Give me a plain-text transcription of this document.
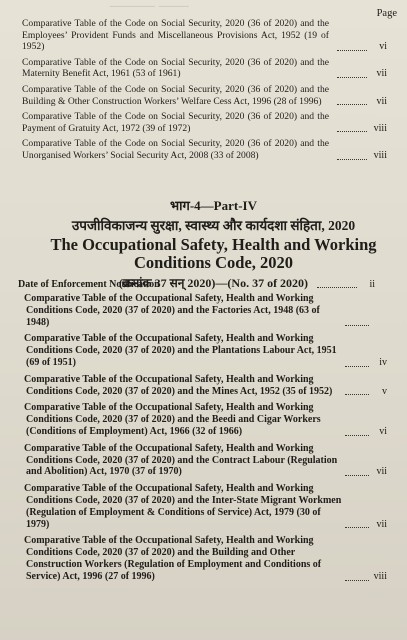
――― ――	Page
Comparative Table of the Code on Social Security, 2020 (36 of 2020) and the Employees’ Provident Funds and Miscellaneous Provisions Act, 1952 (19 of 1952)	vi
Comparative Table of the Code on Social Security, 2020 (36 of 2020) and the Maternity Benefit Act, 1961 (53 of 1961)	vii
Comparative Table of the Code on Social Security, 2020 (36 of 2020) and the Building & Other Construction Workers’ Welfare Cess Act, 1996 (28 of 1996)	vii
Comparative Table of the Code on Social Security, 2020 (36 of 2020) and the Payment of Gratuity Act, 1972 (39 of 1972)	viii
Comparative Table of the Code on Social Security, 2020 (36 of 2020) and the Unorganised Workers’ Social Security Act, 2008 (33 of 2008)	viii
भाग-4—Part-IV
उपजीविकाजन्य सुरक्षा, स्वास्थ्य और कार्यदशा संहिता, 2020
The Occupational Safety, Health and Working Conditions Code, 2020
(क्रमांक 37 सन् 2020)—(No. 37 of 2020)
Date of Enforcement Notification	ii
Comparative Table of the Occupational Safety, Health and Working Conditions Code, 2020 (37 of 2020) and the Factories Act, 1948 (63 of 1948)
Comparative Table of the Occupational Safety, Health and Working Conditions Code, 2020 (37 of 2020) and the Plantations Labour Act, 1951 (69 of 1951)	iv
Comparative Table of the Occupational Safety, Health and Working Conditions Code, 2020 (37 of 2020) and the Mines Act, 1952 (35 of 1952)	v
Comparative Table of the Occupational Safety, Health and Working Conditions Code, 2020 (37 of 2020) and the Beedi and Cigar Workers (Conditions of Employment) Act, 1966 (32 of 1966)	vi
Comparative Table of the Occupational Safety, Health and Working Conditions Code, 2020 (37 of 2020) and the Contract Labour (Regulation and Abolition) Act, 1970 (37 of 1970)	vii
Comparative Table of the Occupational Safety, Health and Working Conditions Code, 2020 (37 of 2020) and the Inter-State Migrant Workmen (Regulation of Employment & Conditions of Service) Act, 1979 (30 of 1979)	vii
Comparative Table of the Occupational Safety, Health and Working Conditions Code, 2020 (37 of 2020) and the Building and Other Construction Workers (Regulation of Employment and Conditions of Service) Act, 1996 (27 of 1996)	viii
